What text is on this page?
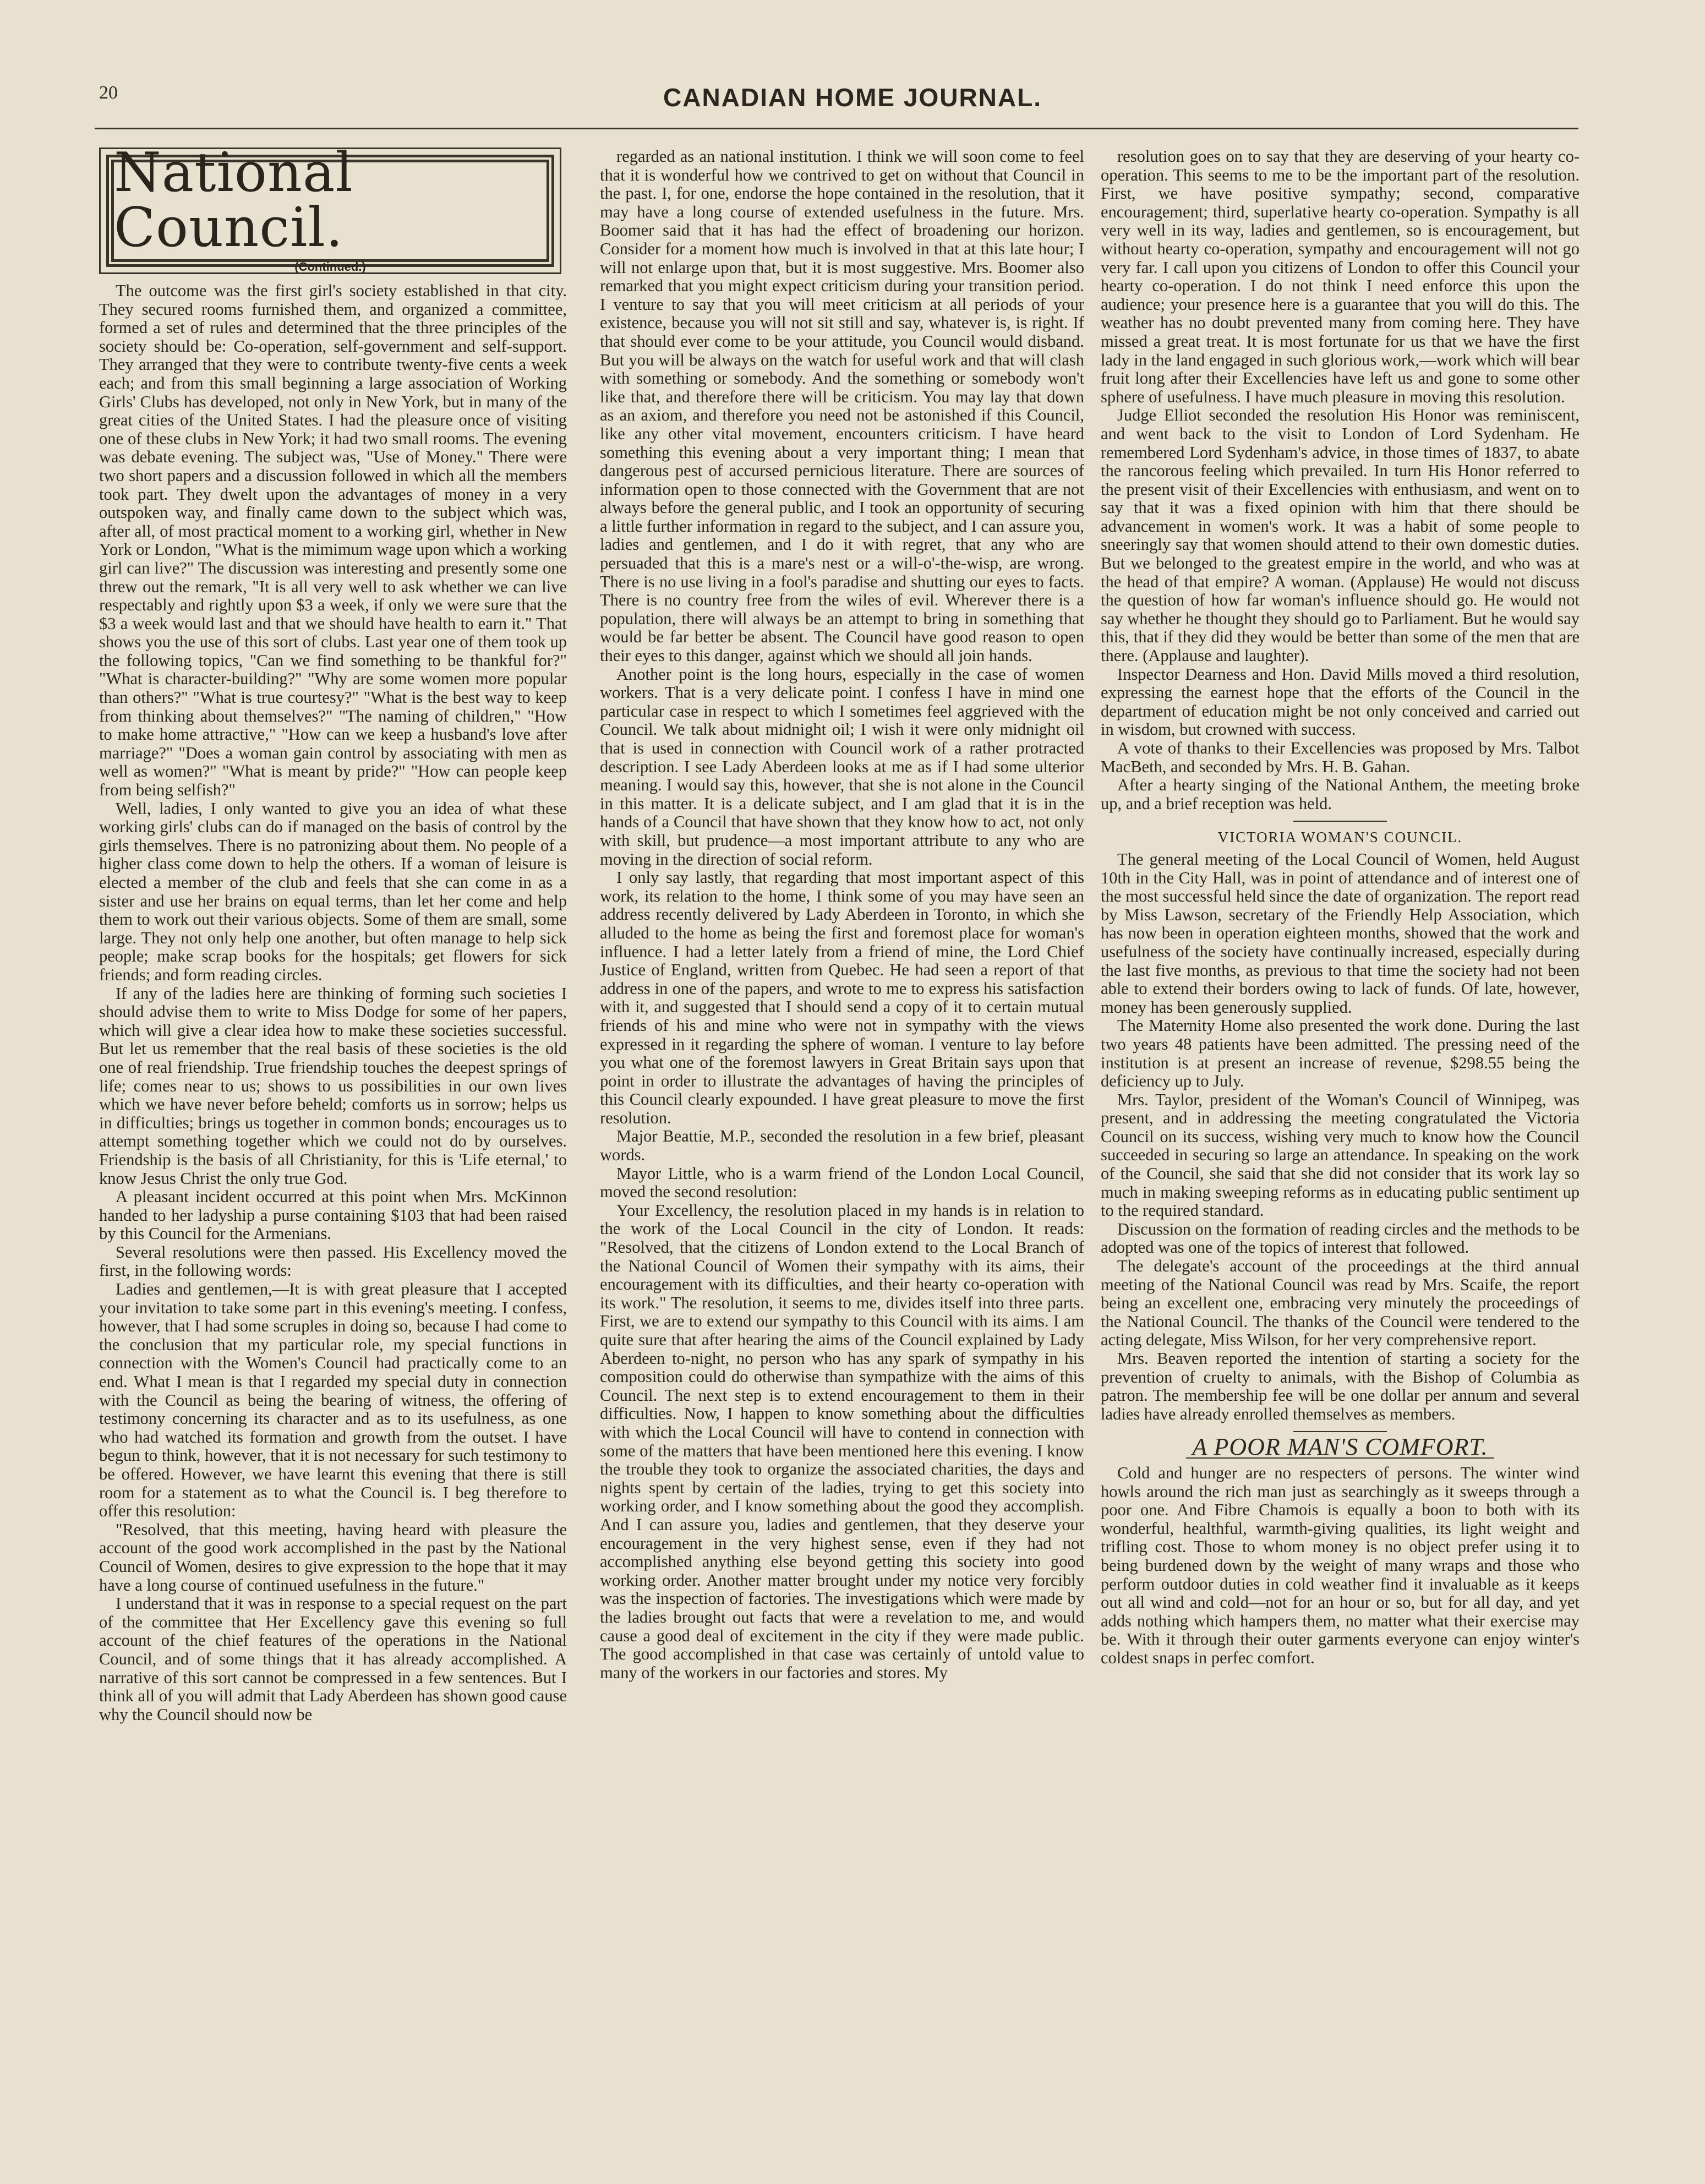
20	CANADIAN HOME JOURNAL.
National Council.
(Continued.)

The outcome was the first girl's society established in that city. They secured rooms furnished them, and organized a committee, formed a set of rules and determined that the three principles of the society should be: Co-operation, self-government and self-support. They arranged that they were to contribute twenty-five cents a week each; and from this small beginning a large association of Working Girls' Clubs has developed, not only in New York, but in many of the great cities of the United States. I had the pleasure once of visiting one of these clubs in New York; it had two small rooms. The evening was debate evening. The subject was, "Use of Money." There were two short papers and a discussion followed in which all the members took part. They dwelt upon the advantages of money in a very outspoken way, and finally came down to the subject which was, after all, of most practical moment to a working girl, whether in New York or London, "What is the mimimum wage upon which a working girl can live?" The discussion was interesting and presently some one threw out the remark, "It is all very well to ask whether we can live respectably and rightly upon $3 a week, if only we were sure that the $3 a week would last and that we should have health to earn it." That shows you the use of this sort of clubs. Last year one of them took up the following topics, "Can we find something to be thankful for?" "What is character-building?" "Why are some women more popular than others?" "What is true courtesy?" "What is the best way to keep from thinking about themselves?" "The naming of children," "How to make home attractive," "How can we keep a husband's love after marriage?" "Does a woman gain control by associating with men as well as women?" "What is meant by pride?" "How can people keep from being selfish?"

Well, ladies, I only wanted to give you an idea of what these working girls' clubs can do if managed on the basis of control by the girls themselves. There is no patronizing about them. No people of a higher class come down to help the others. If a woman of leisure is elected a member of the club and feels that she can come in as a sister and use her brains on equal terms, than let her come and help them to work out their various objects. Some of them are small, some large. They not only help one another, but often manage to help sick people; make scrap books for the hospitals; get flowers for sick friends; and form reading circles.

If any of the ladies here are thinking of forming such societies I should advise them to write to Miss Dodge for some of her papers, which will give a clear idea how to make these societies successful. But let us remember that the real basis of these societies is the old one of real friendship. True friendship touches the deepest springs of life; comes near to us; shows to us possibilities in our own lives which we have never before beheld; comforts us in sorrow; helps us in difficulties; brings us together in common bonds; encourages us to attempt something together which we could not do by ourselves. Friendship is the basis of all Christianity, for this is 'Life eternal,' to know Jesus Christ the only true God.

A pleasant incident occurred at this point when Mrs. McKinnon handed to her ladyship a purse containing $103 that had been raised by this Council for the Armenians.

Several resolutions were then passed. His Excellency moved the first, in the following words:

Ladies and gentlemen,—It is with great pleasure that I accepted your invitation to take some part in this evening's meeting. I confess, however, that I had some scruples in doing so, because I had come to the conclusion that my particular role, my special functions in connection with the Women's Council had practically come to an end. What I mean is that I regarded my special duty in connection with the Council as being the bearing of witness, the offering of testimony concerning its character and as to its usefulness, as one who had watched its formation and growth from the outset. I have begun to think, however, that it is not necessary for such testimony to be offered. However, we have learnt this evening that there is still room for a statement as to what the Council is. I beg therefore to offer this resolution:

"Resolved, that this meeting, having heard with pleasure the account of the good work accomplished in the past by the National Council of Women, desires to give expression to the hope that it may have a long course of continued usefulness in the future."

I understand that it was in response to a special request on the part of the committee that Her Excellency gave this evening so full account of the chief features of the operations in the National Council, and of some things that it has already accomplished. A narrative of this sort cannot be compressed in a few sentences. But I think all of you will admit that Lady Aberdeen has shown good cause why the Council should now be

regarded as an national institution. I think we will soon come to feel that it is wonderful how we contrived to get on without that Council in the past. I, for one, endorse the hope contained in the resolution, that it may have a long course of extended usefulness in the future. Mrs. Boomer said that it has had the effect of broadening our horizon. Consider for a moment how much is involved in that at this late hour; I will not enlarge upon that, but it is most suggestive. Mrs. Boomer also remarked that you might expect criticism during your transition period. I venture to say that you will meet criticism at all periods of your existence, because you will not sit still and say, whatever is, is right. If that should ever come to be your attitude, you Council would disband. But you will be always on the watch for useful work and that will clash with something or somebody. And the something or somebody won't like that, and therefore there will be criticism. You may lay that down as an axiom, and therefore you need not be astonished if this Council, like any other vital movement, encounters criticism. I have heard something this evening about a very important thing; I mean that dangerous pest of accursed pernicious literature. There are sources of information open to those connected with the Government that are not always before the general public, and I took an opportunity of securing a little further information in regard to the subject, and I can assure you, ladies and gentlemen, and I do it with regret, that any who are persuaded that this is a mare's nest or a will-o'-the-wisp, are wrong. There is no use living in a fool's paradise and shutting our eyes to facts. There is no country free from the wiles of evil. Wherever there is a population, there will always be an attempt to bring in something that would be far better be absent. The Council have good reason to open their eyes to this danger, against which we should all join hands.

Another point is the long hours, especially in the case of women workers. That is a very delicate point. I confess I have in mind one particular case in respect to which I sometimes feel aggrieved with the Council. We talk about midnight oil; I wish it were only midnight oil that is used in connection with Council work of a rather protracted description. I see Lady Aberdeen looks at me as if I had some ulterior meaning. I would say this, however, that she is not alone in the Council in this matter. It is a delicate subject, and I am glad that it is in the hands of a Council that have shown that they know how to act, not only with skill, but prudence—a most important attribute to any who are moving in the direction of social reform.

I only say lastly, that regarding that most important aspect of this work, its relation to the home, I think some of you may have seen an address recently delivered by Lady Aberdeen in Toronto, in which she alluded to the home as being the first and foremost place for woman's influence. I had a letter lately from a friend of mine, the Lord Chief Justice of England, written from Quebec. He had seen a report of that address in one of the papers, and wrote to me to express his satisfaction with it, and suggested that I should send a copy of it to certain mutual friends of his and mine who were not in sympathy with the views expressed in it regarding the sphere of woman. I venture to lay before you what one of the foremost lawyers in Great Britain says upon that point in order to illustrate the advantages of having the principles of this Council clearly expounded. I have great pleasure to move the first resolution.

Major Beattie, M.P., seconded the resolution in a few brief, pleasant words.

Mayor Little, who is a warm friend of the London Local Council, moved the second resolution:

Your Excellency, the resolution placed in my hands is in relation to the work of the Local Council in the city of London. It reads: "Resolved, that the citizens of London extend to the Local Branch of the National Council of Women their sympathy with its aims, their encouragement with its difficulties, and their hearty co-operation with its work." The resolution, it seems to me, divides itself into three parts. First, we are to extend our sympathy to this Council with its aims. I am quite sure that after hearing the aims of the Council explained by Lady Aberdeen to-night, no person who has any spark of sympathy in his composition could do otherwise than sympathize with the aims of this Council. The next step is to extend encouragement to them in their difficulties. Now, I happen to know something about the difficulties with which the Local Council will have to contend in connection with some of the matters that have been mentioned here this evening. I know the trouble they took to organize the associated charities, the days and nights spent by certain of the ladies, trying to get this society into working order, and I know something about the good they accomplish. And I can assure you, ladies and gentlemen, that they deserve your encouragement in the very highest sense, even if they had not accomplished anything else beyond getting this society into good working order. Another matter brought under my notice very forcibly was the inspection of factories. The investigations which were made by the ladies brought out facts that were a revelation to me, and would cause a good deal of excitement in the city if they were made public. The good accomplished in that case was certainly of untold value to many of the workers in our factories and stores. My

resolution goes on to say that they are deserving of your hearty co-operation. This seems to me to be the important part of the resolution. First, we have positive sympathy; second, comparative encouragement; third, superlative hearty co-operation. Sympathy is all very well in its way, ladies and gentlemen, so is encouragement, but without hearty co-operation, sympathy and encouragement will not go very far. I call upon you citizens of London to offer this Council your hearty co-operation. I do not think I need enforce this upon the audience; your presence here is a guarantee that you will do this. The weather has no doubt prevented many from coming here. They have missed a great treat. It is most fortunate for us that we have the first lady in the land engaged in such glorious work,—work which will bear fruit long after their Excellencies have left us and gone to some other sphere of usefulness. I have much pleasure in moving this resolution.

Judge Elliot seconded the resolution His Honor was reminiscent, and went back to the visit to London of Lord Sydenham. He remembered Lord Sydenham's advice, in those times of 1837, to abate the rancorous feeling which prevailed. In turn His Honor referred to the present visit of their Excellencies with enthusiasm, and went on to say that it was a fixed opinion with him that there should be advancement in women's work. It was a habit of some people to sneeringly say that women should attend to their own domestic duties. But we belonged to the greatest empire in the world, and who was at the head of that empire? A woman. (Applause) He would not discuss the question of how far woman's influence should go. He would not say whether he thought they should go to Parliament. But he would say this, that if they did they would be better than some of the men that are there. (Applause and laughter).

Inspector Dearness and Hon. David Mills moved a third resolution, expressing the earnest hope that the efforts of the Council in the department of education might be not only conceived and carried out in wisdom, but crowned with success.

A vote of thanks to their Excellencies was proposed by Mrs. Talbot MacBeth, and seconded by Mrs. H. B. Gahan.

After a hearty singing of the National Anthem, the meeting broke up, and a brief reception was held.

VICTORIA WOMAN'S COUNCIL.

The general meeting of the Local Council of Women, held August 10th in the City Hall, was in point of attendance and of interest one of the most successful held since the date of organization. The report read by Miss Lawson, secretary of the Friendly Help Association, which has now been in operation eighteen months, showed that the work and usefulness of the society have continually increased, especially during the last five months, as previous to that time the society had not been able to extend their borders owing to lack of funds. Of late, however, money has been generously supplied.

The Maternity Home also presented the work done. During the last two years 48 patients have been admitted. The pressing need of the institution is at present an increase of revenue, $298.55 being the deficiency up to July.

Mrs. Taylor, president of the Woman's Council of Winnipeg, was present, and in addressing the meeting congratulated the Victoria Council on its success, wishing very much to know how the Council succeeded in securing so large an attendance. In speaking on the work of the Council, she said that she did not consider that its work lay so much in making sweeping reforms as in educating public sentiment up to the required standard.

Discussion on the formation of reading circles and the methods to be adopted was one of the topics of interest that followed.

The delegate's account of the proceedings at the third annual meeting of the National Council was read by Mrs. Scaife, the report being an excellent one, embracing very minutely the proceedings of the National Council. The thanks of the Council were tendered to the acting delegate, Miss Wilson, for her very comprehensive report.

Mrs. Beaven reported the intention of starting a society for the prevention of cruelty to animals, with the Bishop of Columbia as patron. The membership fee will be one dollar per annum and several ladies have already enrolled themselves as members.

A POOR MAN'S COMFORT.

Cold and hunger are no respecters of persons. The winter wind howls around the rich man just as searchingly as it sweeps through a poor one. And Fibre Chamois is equally a boon to both with its wonderful, healthful, warmth-giving qualities, its light weight and trifling cost. Those to whom money is no object prefer using it to being burdened down by the weight of many wraps and those who perform outdoor duties in cold weather find it invaluable as it keeps out all wind and cold—not for an hour or so, but for all day, and yet adds nothing which hampers them, no matter what their exercise may be. With it through their outer garments everyone can enjoy winter's coldest snaps in perfec comfort.
